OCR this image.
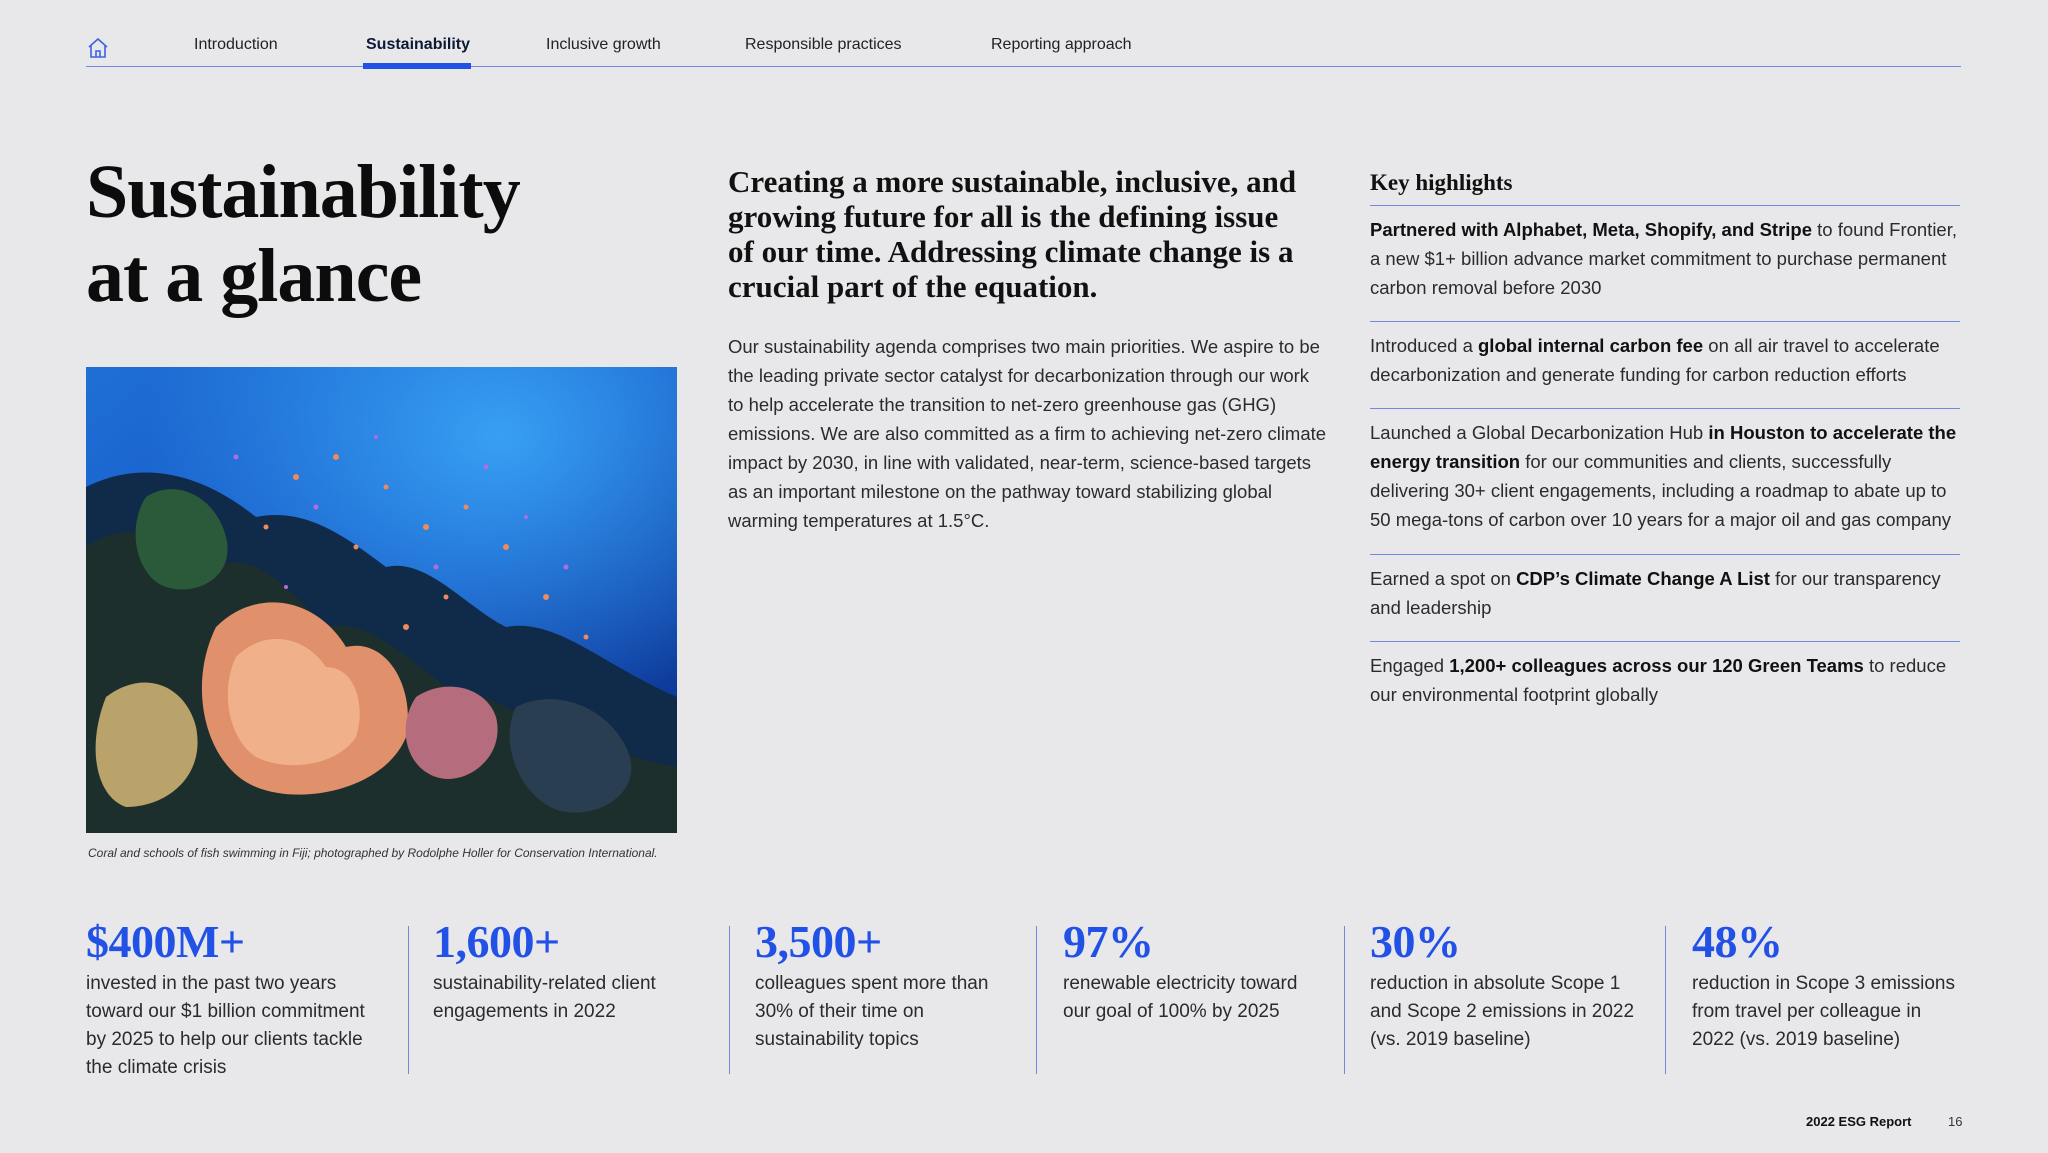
Introduction	Sustainability	Inclusive growth	Responsible practices	Reporting approach
Sustainability
at a glance
Coral and schools of fish swimming in Fiji; photographed by Rodolphe Holler for Conservation International.
Creating a more sustainable, inclusive, and growing future for all is the defining issue of our time. Addressing climate change is a crucial part of the equation.
Our sustainability agenda comprises two main priorities. We aspire to be the leading private sector catalyst for decarbonization through our work to help accelerate the transition to net-zero greenhouse gas (GHG) emissions. We are also committed as a firm to achieving net-zero climate impact by 2030, in line with validated, near-term, science-based targets as an important milestone on the pathway toward stabilizing global warming temperatures at 1.5°C.
Key highlights
Partnered with Alphabet, Meta, Shopify, and Stripe to found Frontier, a new $1+ billion advance market commitment to purchase permanent carbon removal before 2030
Introduced a global internal carbon fee on all air travel to accelerate decarbonization and generate funding for carbon reduction efforts
Launched a Global Decarbonization Hub in Houston to accelerate the energy transition for our communities and clients, successfully delivering 30+ client engagements, including a roadmap to abate up to 50 mega-tons of carbon over 10 years for a major oil and gas company
Earned a spot on CDP’s Climate Change A List for our transparency and leadership
Engaged 1,200+ colleagues across our 120 Green Teams to reduce our environmental footprint globally
$400M+
invested in the past two years toward our $1 billion commitment by 2025 to help our clients tackle the climate crisis
1,600+
sustainability-related client engagements in 2022
3,500+
colleagues spent more than 30% of their time on sustainability topics
97%
renewable electricity toward our goal of 100% by 2025
30%
reduction in absolute Scope 1 and Scope 2 emissions in 2022 (vs. 2019 baseline)
48%
reduction in Scope 3 emissions from travel per colleague in 2022 (vs. 2019 baseline)
2022 ESG Report	16
